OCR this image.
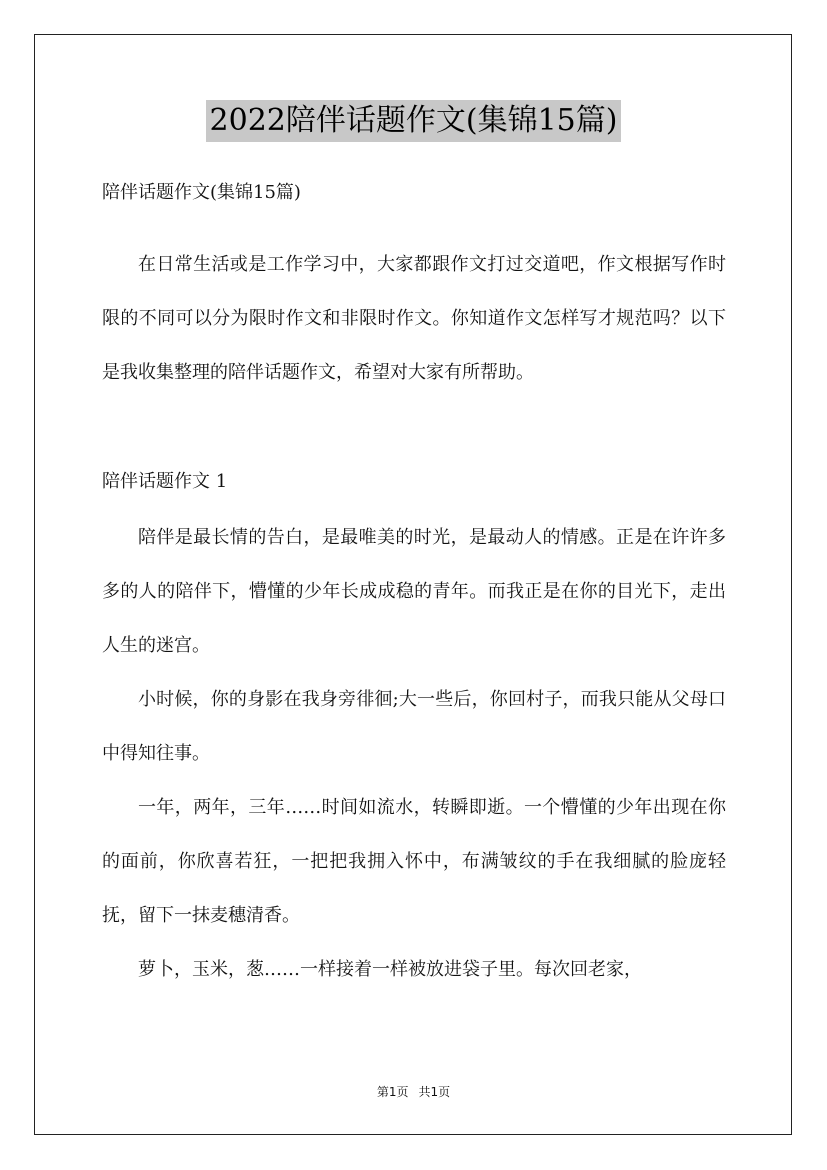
2022陪伴话题作文(集锦15篇)

陪伴话题作文(集锦15篇)

在日常生活或是工作学习中，大家都跟作文打过交道吧，作文根据写作时限的不同可以分为限时作文和非限时作文。你知道作文怎样写才规范吗？以下是我收集整理的陪伴话题作文，希望对大家有所帮助。

陪伴话题作文 1

陪伴是最长情的告白，是最唯美的时光，是最动人的情感。正是在许许多多的人的陪伴下，懵懂的少年长成成稳的青年。而我正是在你的目光下，走出人生的迷宫。

小时候，你的身影在我身旁徘徊;大一些后，你回村子，而我只能从父母口中得知往事。

一年，两年，三年……时间如流水，转瞬即逝。一个懵懂的少年出现在你的面前，你欣喜若狂，一把把我拥入怀中，布满皱纹的手在我细腻的脸庞轻抚，留下一抹麦穗清香。

萝卜，玉米，葱……一样接着一样被放进袋子里。每次回老家，

第1页 共1页
